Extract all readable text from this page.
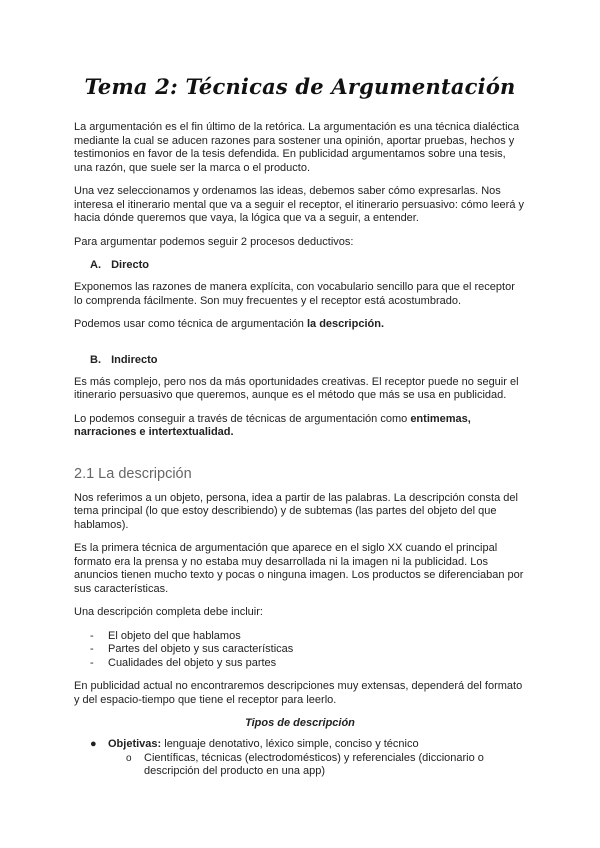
Tema 2: Técnicas de Argumentación

La argumentación es el fin último de la retórica. La argumentación es una técnica dialéctica mediante la cual se aducen razones para sostener una opinión, aportar pruebas, hechos y testimonios en favor de la tesis defendida. En publicidad argumentamos sobre una tesis, una razón, que suele ser la marca o el producto.

Una vez seleccionamos y ordenamos las ideas, debemos saber cómo expresarlas. Nos interesa el itinerario mental que va a seguir el receptor, el itinerario persuasivo: cómo leerá y hacia dónde queremos que vaya, la lógica que va a seguir, a entender.

Para argumentar podemos seguir 2 procesos deductivos:

A. Directo

Exponemos las razones de manera explícita, con vocabulario sencillo para que el receptor lo comprenda fácilmente. Son muy frecuentes y el receptor está acostumbrado.

Podemos usar como técnica de argumentación la descripción.

B. Indirecto

Es más complejo, pero nos da más oportunidades creativas. El receptor puede no seguir el itinerario persuasivo que queremos, aunque es el método que más se usa en publicidad.

Lo podemos conseguir a través de técnicas de argumentación como entimemas, narraciones e intertextualidad.

2.1 La descripción

Nos referimos a un objeto, persona, idea a partir de las palabras. La descripción consta del tema principal (lo que estoy describiendo) y de subtemas (las partes del objeto del que hablamos).

Es la primera técnica de argumentación que aparece en el siglo XX cuando el principal formato era la prensa y no estaba muy desarrollada ni la imagen ni la publicidad. Los anuncios tienen mucho texto y pocas o ninguna imagen. Los productos se diferenciaban por sus características.

Una descripción completa debe incluir:

- El objeto del que hablamos
- Partes del objeto y sus características
- Cualidades del objeto y sus partes

En publicidad actual no encontraremos descripciones muy extensas, dependerá del formato y del espacio-tiempo que tiene el receptor para leerlo.

Tipos de descripción
● Objetivas: lenguaje denotativo, léxico simple, conciso y técnico
o Científicas, técnicas (electrodomésticos) y referenciales (diccionario o descripción del producto en una app)
